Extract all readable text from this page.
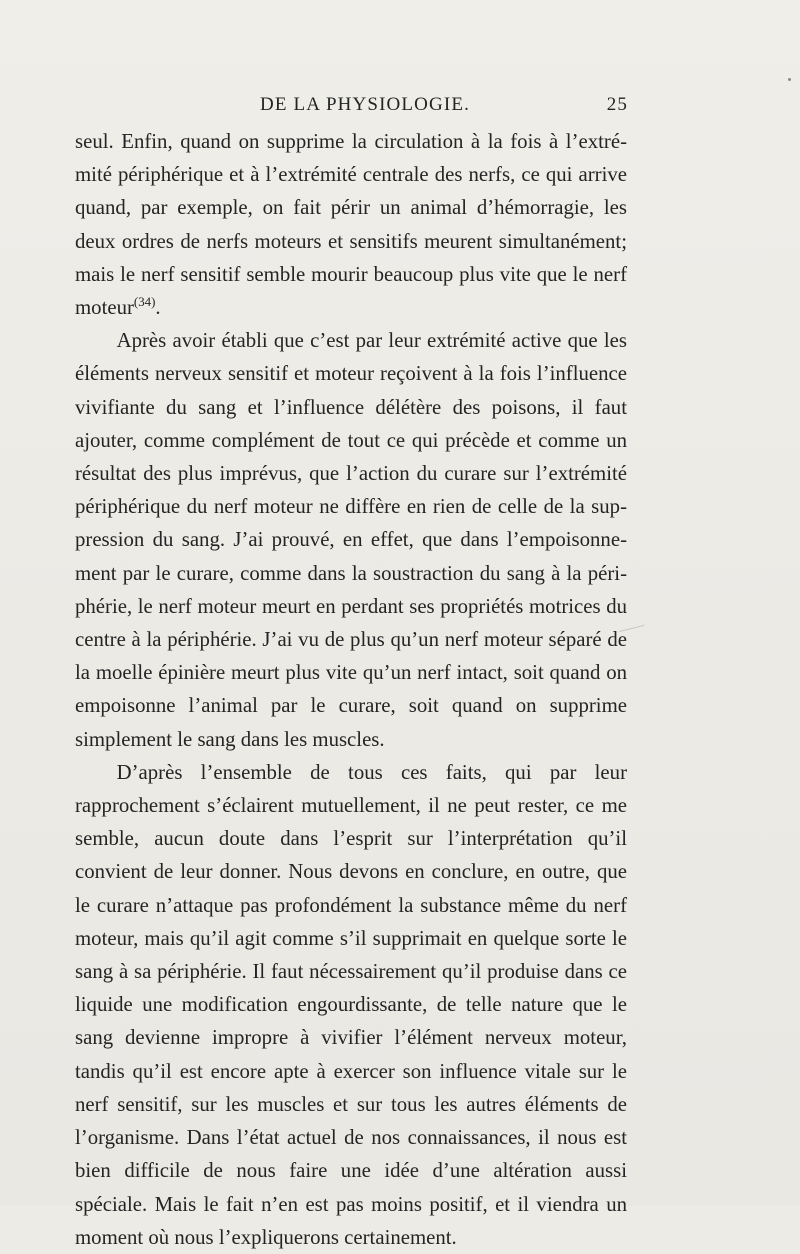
DE LA PHYSIOLOGIE.	25

seul. Enfin, quand on supprime la circulation à la fois à l’extrémité périphérique et à l’extrémité centrale des nerfs, ce qui arrive quand, par exemple, on fait périr un animal d’hémorragie, les deux ordres de nerfs moteurs et sensitifs meurent simultanément; mais le nerf sensitif semble mourir beaucoup plus vite que le nerf moteur$^{(34)}$.

Après avoir établi que c’est par leur extrémité active que les éléments nerveux sensitif et moteur reçoivent à la fois l’influence vivifiante du sang et l’influence délétère des poisons, il faut ajouter, comme complément de tout ce qui précède et comme un résultat des plus imprévus, que l’action du curare sur l’extrémité périphérique du nerf moteur ne diffère en rien de celle de la suppression du sang. J’ai prouvé, en effet, que dans l’empoisonnement par le curare, comme dans la soustraction du sang à la périphérie, le nerf moteur meurt en perdant ses propriétés motrices du centre à la périphérie. J’ai vu de plus qu’un nerf moteur séparé de la moelle épinière meurt plus vite qu’un nerf intact, soit quand on empoisonne l’animal par le curare, soit quand on supprime simplement le sang dans les muscles.

D’après l’ensemble de tous ces faits, qui par leur rapprochement s’éclairent mutuellement, il ne peut rester, ce me semble, aucun doute dans l’esprit sur l’interprétation qu’il convient de leur donner. Nous devons en conclure, en outre, que le curare n’attaque pas profondément la substance même du nerf moteur, mais qu’il agit comme s’il supprimait en quelque sorte le sang à sa périphérie. Il faut nécessairement qu’il produise dans ce liquide une modification engourdissante, de telle nature que le sang devienne impropre à vivifier l’élément nerveux moteur, tandis qu’il est encore apte à exercer son influence vitale sur le nerf sensitif, sur les muscles et sur tous les autres éléments de l’organisme. Dans l’état actuel de nos connaissances, il nous est bien difficile de nous faire une idée d’une altération aussi spéciale. Mais le fait n’en est pas moins positif, et il viendra un moment où nous l’expliquerons certainement.
